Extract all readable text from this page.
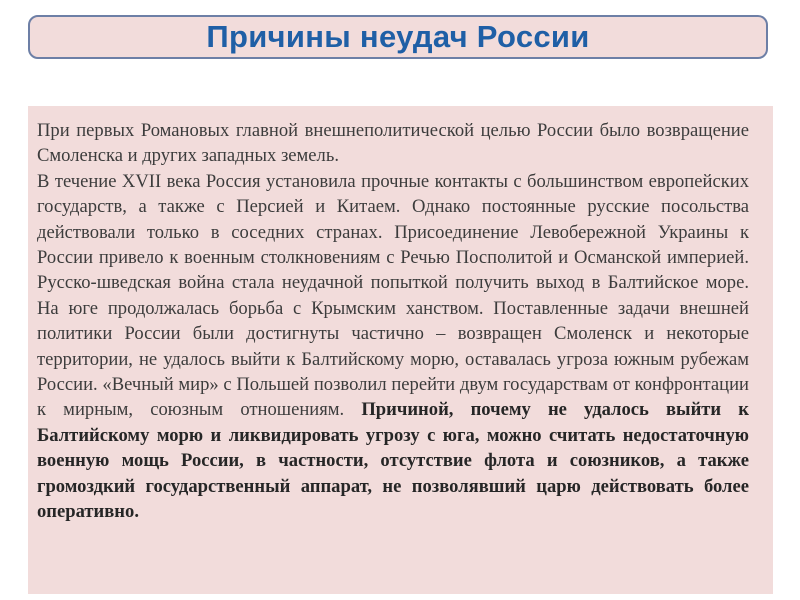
Причины неудач России

При первых Романовых главной внешнеполитической целью России было возвращение Смоленска и других западных земель.

В течение XVII века Россия установила прочные контакты с большинством европейских государств, а также с Персией и Китаем. Однако постоянные русские посольства действовали только в соседних странах. Присоединение Левобережной Украины к России привело к военным столкновениям с Речью Посполитой и Османской империей. Русско-шведская война стала неудачной попыткой получить выход в Балтийское море. На юге продолжалась борьба с Крымским ханством. Поставленные задачи внешней политики России были достигнуты частично – возвращен Смоленск и некоторые территории, не удалось выйти к Балтийскому морю, оставалась угроза южным рубежам России. «Вечный мир» с Польшей позволил перейти двум государствам от конфронтации к мирным, союзным отношениям. Причиной, почему не удалось выйти к Балтийскому морю и ликвидировать угрозу с юга, можно считать недостаточную военную мощь России, в частности, отсутствие флота и союзников, а также громоздкий государственный аппарат, не позволявший царю действовать более оперативно.
